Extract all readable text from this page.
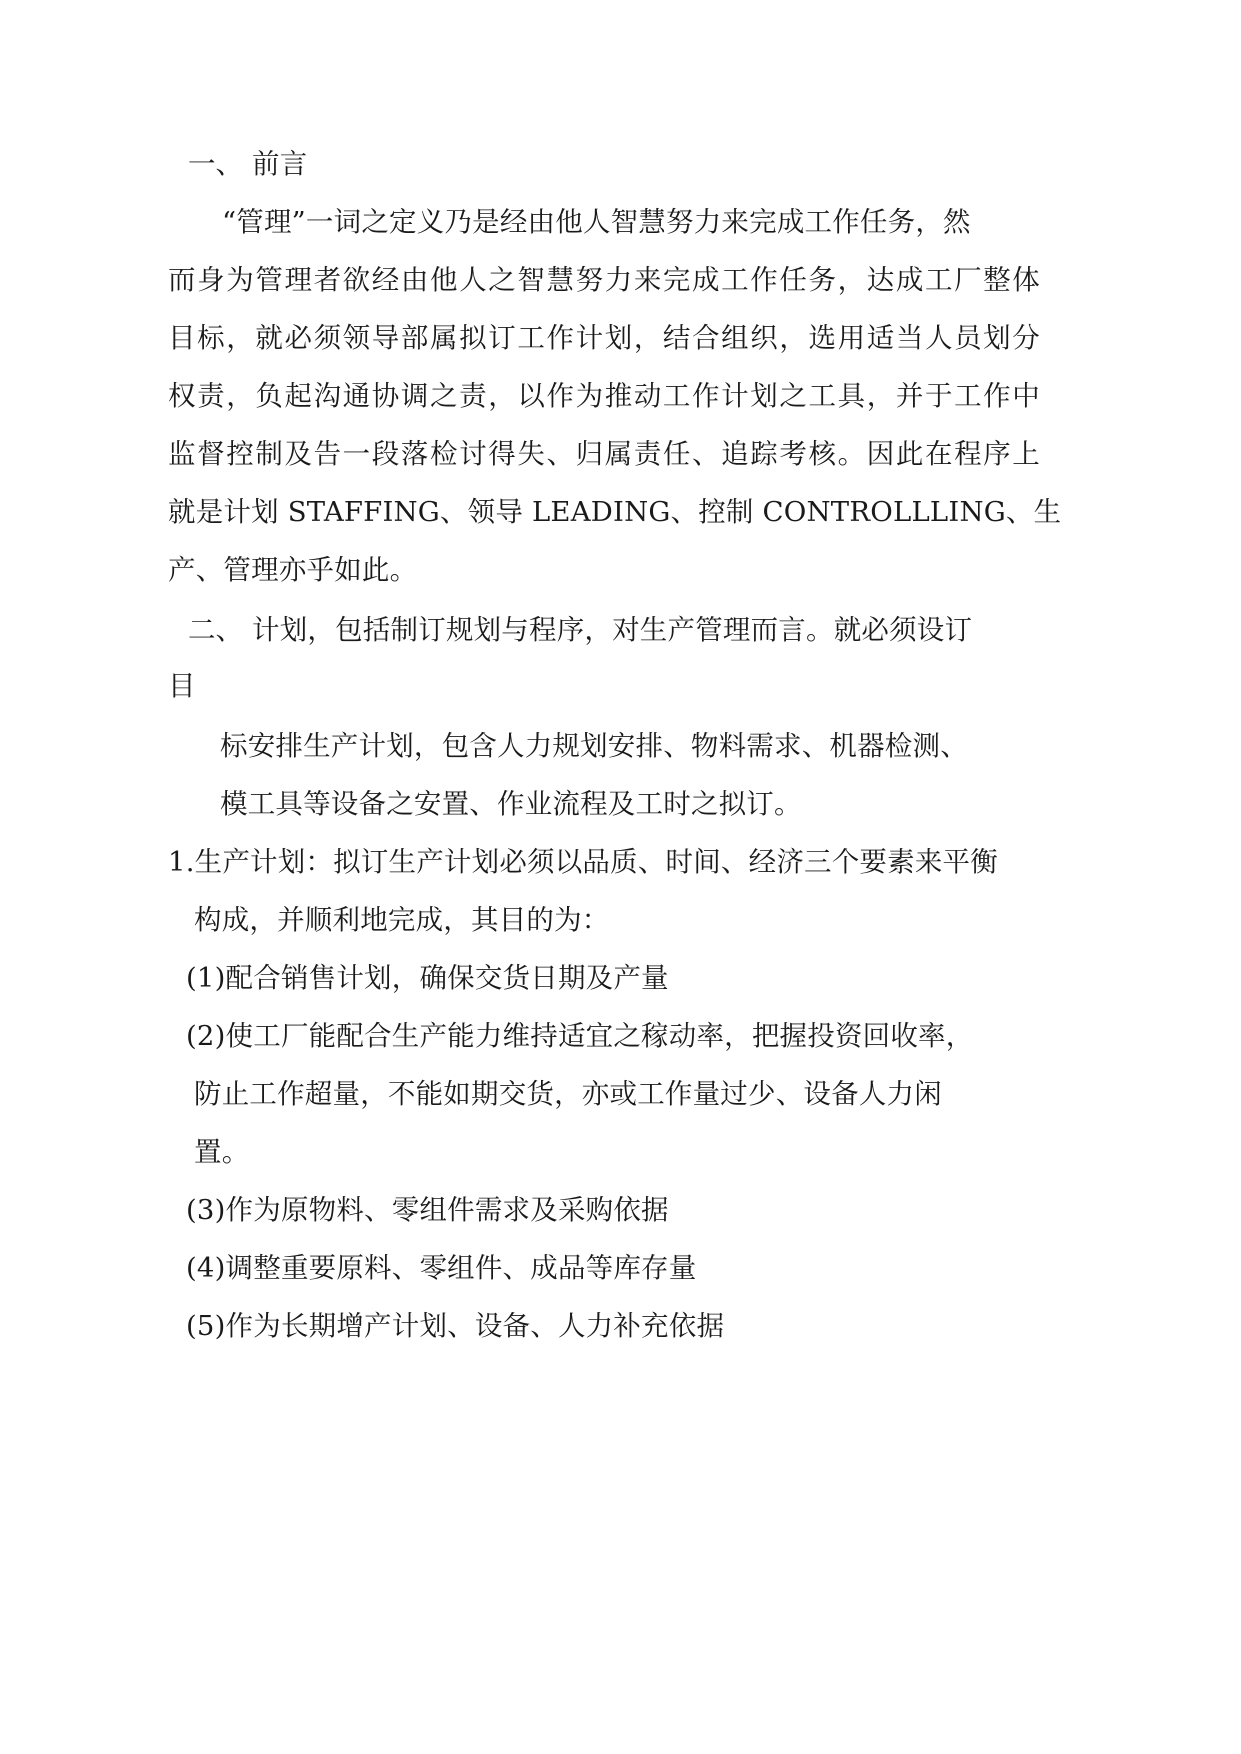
一、 前言
“管理”一词之定义乃是经由他人智慧努力来完成工作任务，然
而身为管理者欲经由他人之智慧努力来完成工作任务，达成工厂整体
目标，就必须领导部属拟订工作计划，结合组织，选用适当人员划分
权责，负起沟通协调之责，以作为推动工作计划之工具，并于工作中
监督控制及告一段落检讨得失、归属责任、追踪考核。因此在程序上
就是计划 STAFFING、领导 LEADING、控制 CONTROLLLING、生
产、管理亦乎如此。
二、 计划，包括制订规划与程序，对生产管理而言。就必须设订
目
标安排生产计划，包含人力规划安排、物料需求、机器检测、
模工具等设备之安置、作业流程及工时之拟订。
1.生产计划：拟订生产计划必须以品质、时间、经济三个要素来平衡
构成，并顺利地完成，其目的为：
(1)配合销售计划，确保交货日期及产量
(2)使工厂能配合生产能力维持适宜之稼动率，把握投资回收率，
防止工作超量，不能如期交货，亦或工作量过少、设备人力闲
置。
(3)作为原物料、零组件需求及采购依据
(4)调整重要原料、零组件、成品等库存量
(5)作为长期增产计划、设备、人力补充依据
